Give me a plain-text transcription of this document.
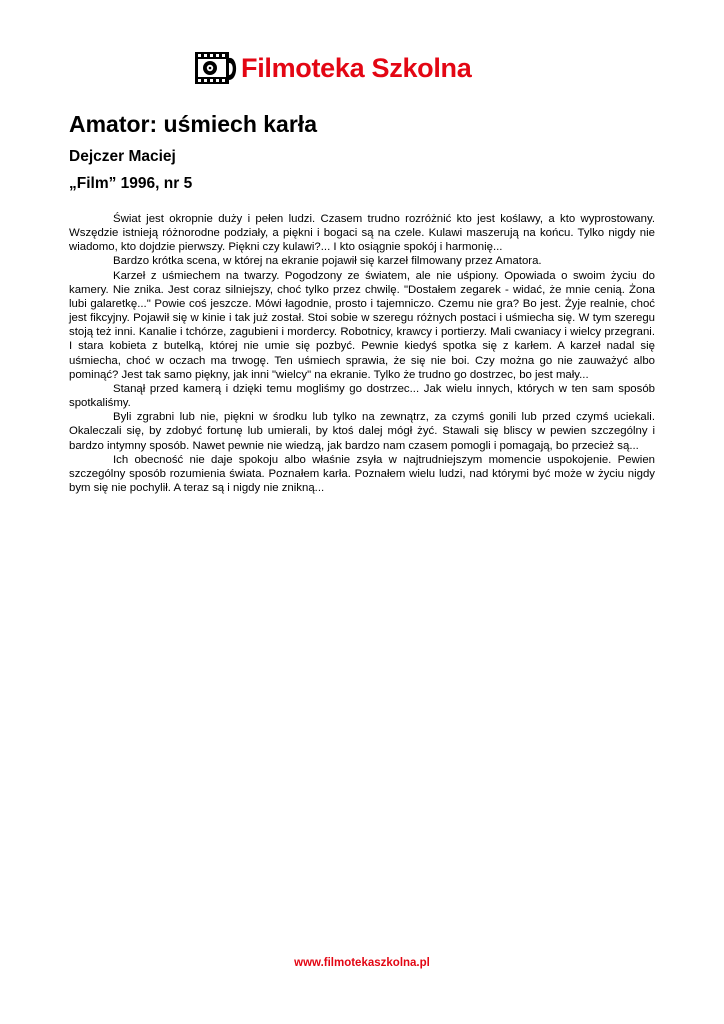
Filmoteka Szkolna
Amator: uśmiech karła
Dejczer Maciej
„Film” 1996, nr 5

Świat jest okropnie duży i pełen ludzi. Czasem trudno rozróżnić kto jest koślawy, a kto wyprostowany. Wszędzie istnieją różnorodne podziały, a piękni i bogaci są na czele. Kulawi maszerują na końcu. Tylko nigdy nie wiadomo, kto dojdzie pierwszy. Piękni czy kulawi?... I kto osiągnie spokój i harmonię...

Bardzo krótka scena, w której na ekranie pojawił się karzeł filmowany przez Amatora.

Karzeł z uśmiechem na twarzy. Pogodzony ze światem, ale nie uśpiony. Opowiada o swoim życiu do kamery. Nie znika. Jest coraz silniejszy, choć tylko przez chwilę. "Dostałem zegarek - widać, że mnie cenią. Żona lubi galaretkę..." Powie coś jeszcze. Mówi łagodnie, prosto i tajemniczo. Czemu nie gra? Bo jest. Żyje realnie, choć jest fikcyjny. Pojawił się w kinie i tak już został. Stoi sobie w szeregu różnych postaci i uśmiecha się. W tym szeregu stoją też inni. Kanalie i tchórze, zagubieni i mordercy. Robotnicy, krawcy i portierzy. Mali cwaniacy i wielcy przegrani. I stara kobieta z butelką, której nie umie się pozbyć. Pewnie kiedyś spotka się z karłem. A karzeł nadal się uśmiecha, choć w oczach ma trwogę. Ten uśmiech sprawia, że się nie boi. Czy można go nie zauważyć albo pominąć? Jest tak samo piękny, jak inni "wielcy" na ekranie. Tylko że trudno go dostrzec, bo jest mały...

Stanął przed kamerą i dzięki temu mogliśmy go dostrzec... Jak wielu innych, których w ten sam sposób spotkaliśmy.

Byli zgrabni lub nie, piękni w środku lub tylko na zewnątrz, za czymś gonili lub przed czymś uciekali. Okaleczali się, by zdobyć fortunę lub umierali, by ktoś dalej mógł żyć. Stawali się bliscy w pewien szczególny i bardzo intymny sposób. Nawet pewnie nie wiedzą, jak bardzo nam czasem pomogli i pomagają, bo przecież są...

Ich obecność nie daje spokoju albo właśnie zsyła w najtrudniejszym momencie uspokojenie. Pewien szczególny sposób rozumienia świata. Poznałem karła. Poznałem wielu ludzi, nad którymi być może w życiu nigdy bym się nie pochylił. A teraz są i nigdy nie znikną...

www.filmotekaszkolna.pl
